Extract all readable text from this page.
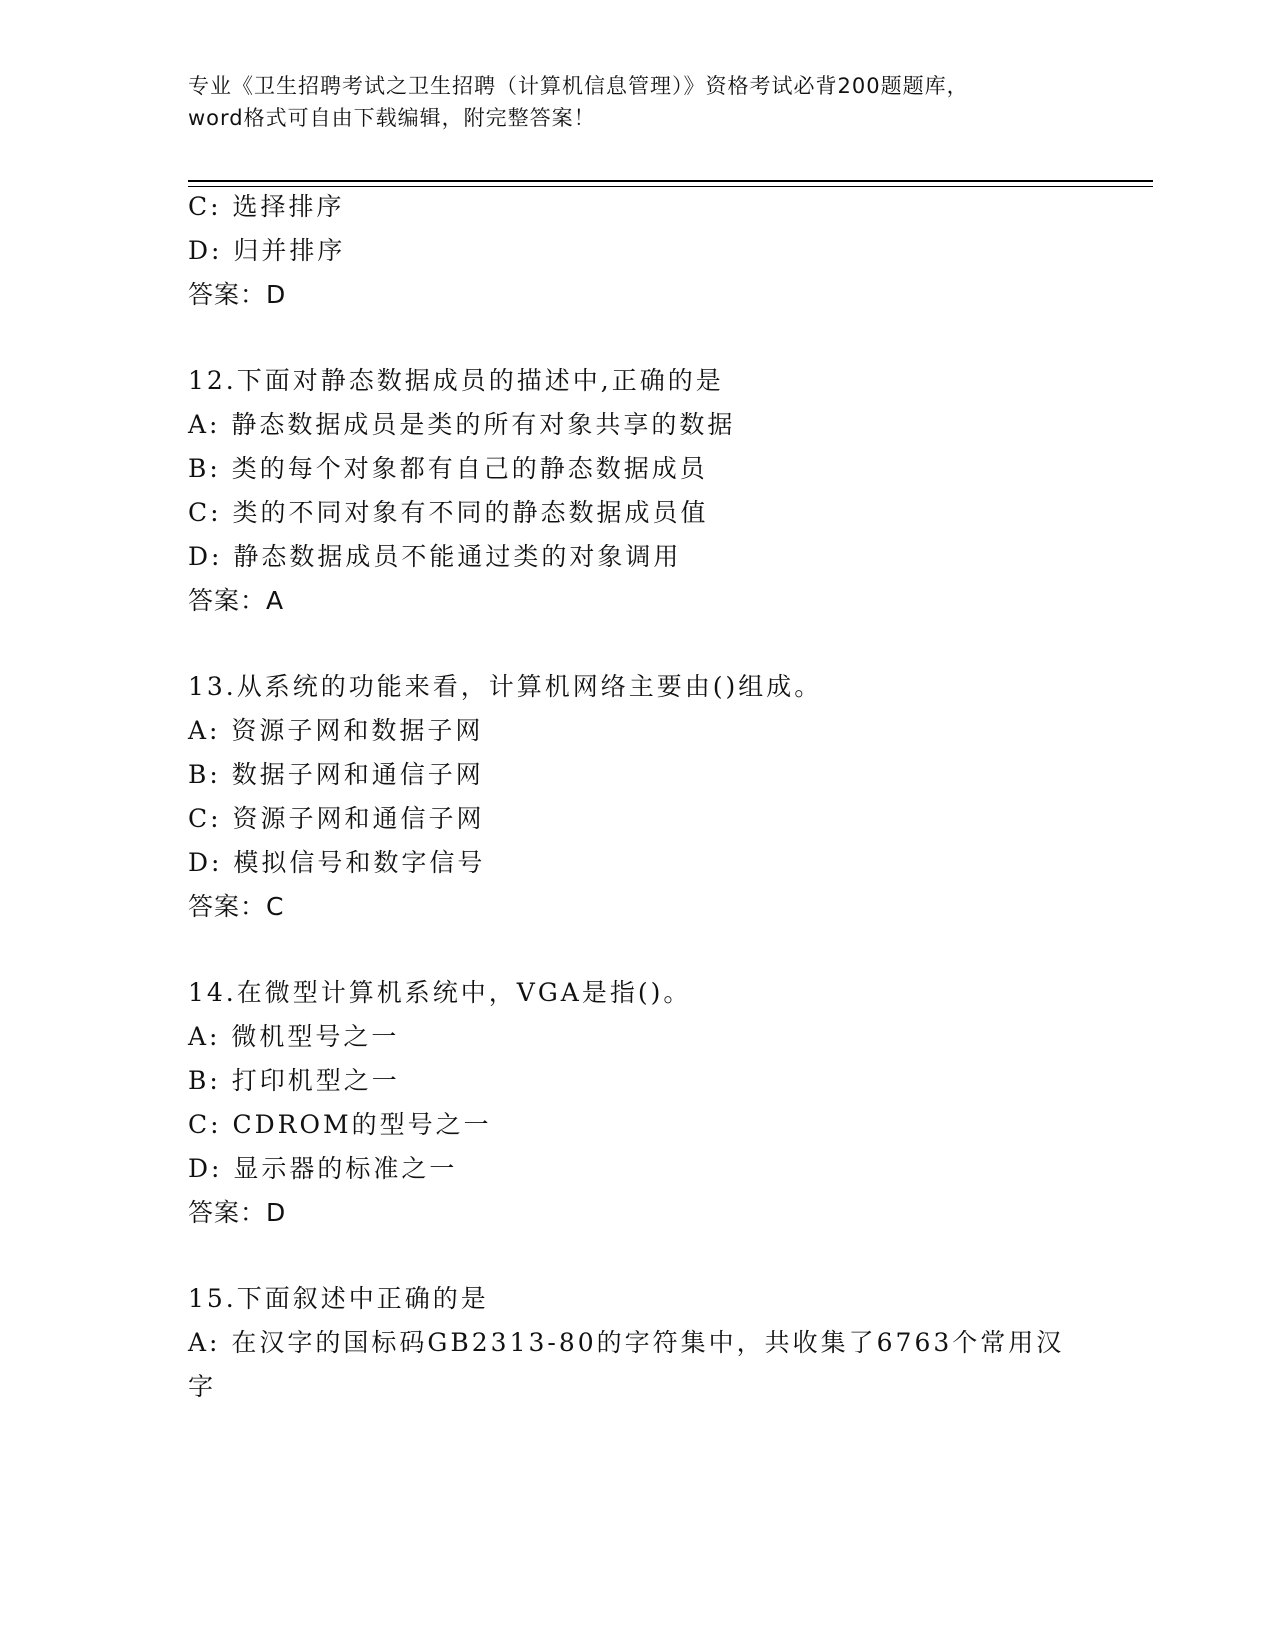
专业《卫生招聘考试之卫生招聘（计算机信息管理）》资格考试必背200题题库，
word格式可自由下载编辑，附完整答案！
C: 选择排序
D: 归并排序
答案：D
12.下面对静态数据成员的描述中,正确的是
A: 静态数据成员是类的所有对象共享的数据
B: 类的每个对象都有自己的静态数据成员
C: 类的不同对象有不同的静态数据成员值
D: 静态数据成员不能通过类的对象调用
答案：A
13.从系统的功能来看，计算机网络主要由()组成。
A: 资源子网和数据子网
B: 数据子网和通信子网
C: 资源子网和通信子网
D: 模拟信号和数字信号
答案：C
14.在微型计算机系统中，VGA是指()。
A: 微机型号之一
B: 打印机型之一
C: CDROM的型号之一
D: 显示器的标准之一
答案：D
15.下面叙述中正确的是
A: 在汉字的国标码GB2313-80的字符集中，共收集了6763个常用汉
字
